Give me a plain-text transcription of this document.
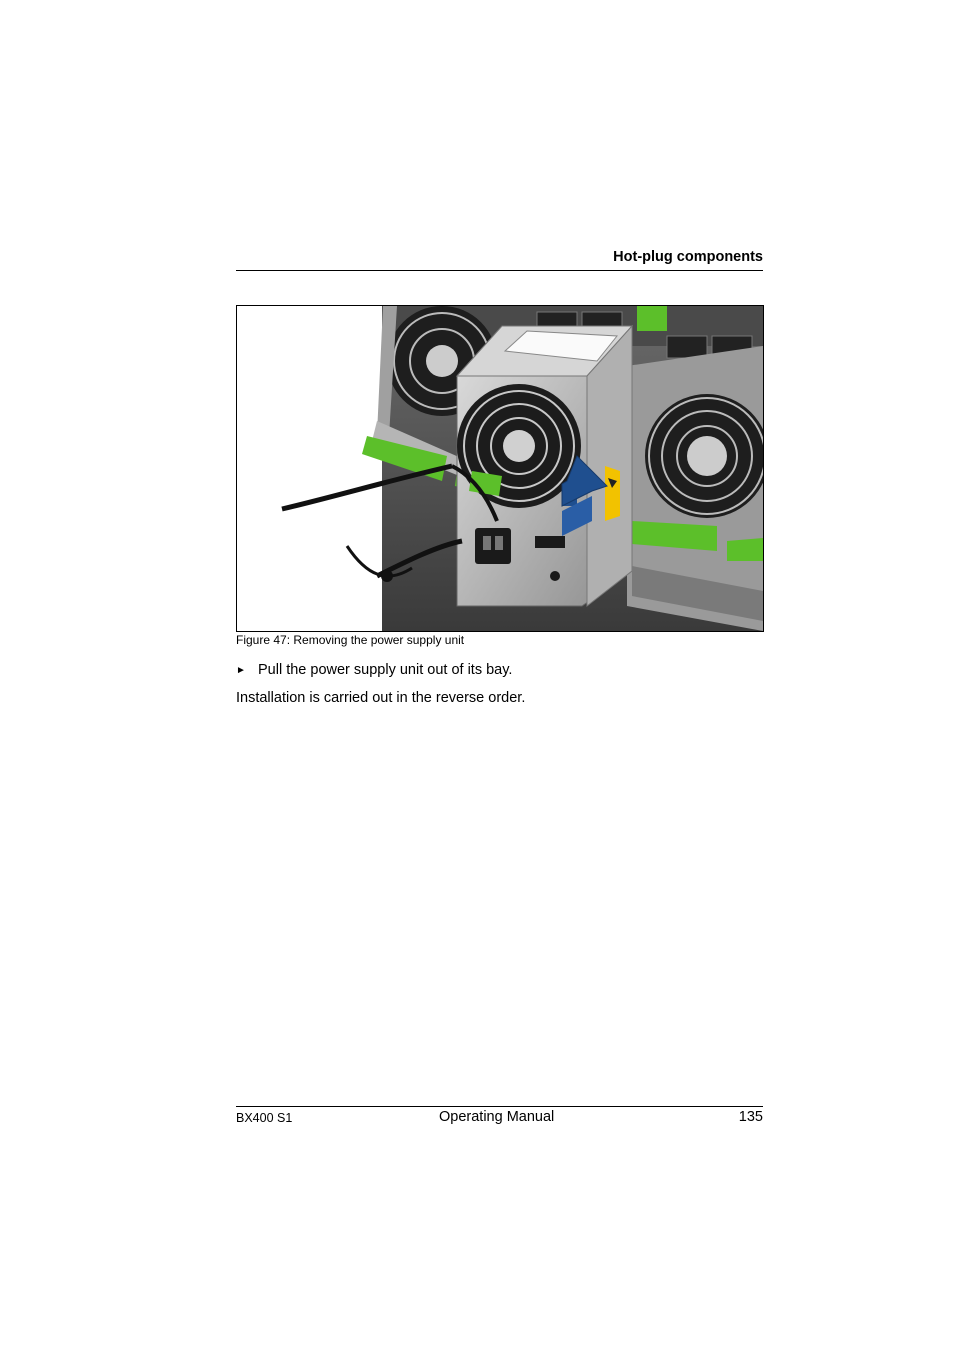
Hot-plug components
Figure 47: Removing the power supply unit
► Pull the power supply unit out of its bay.
Installation is carried out in the reverse order.
BX400 S1	Operating Manual	135
